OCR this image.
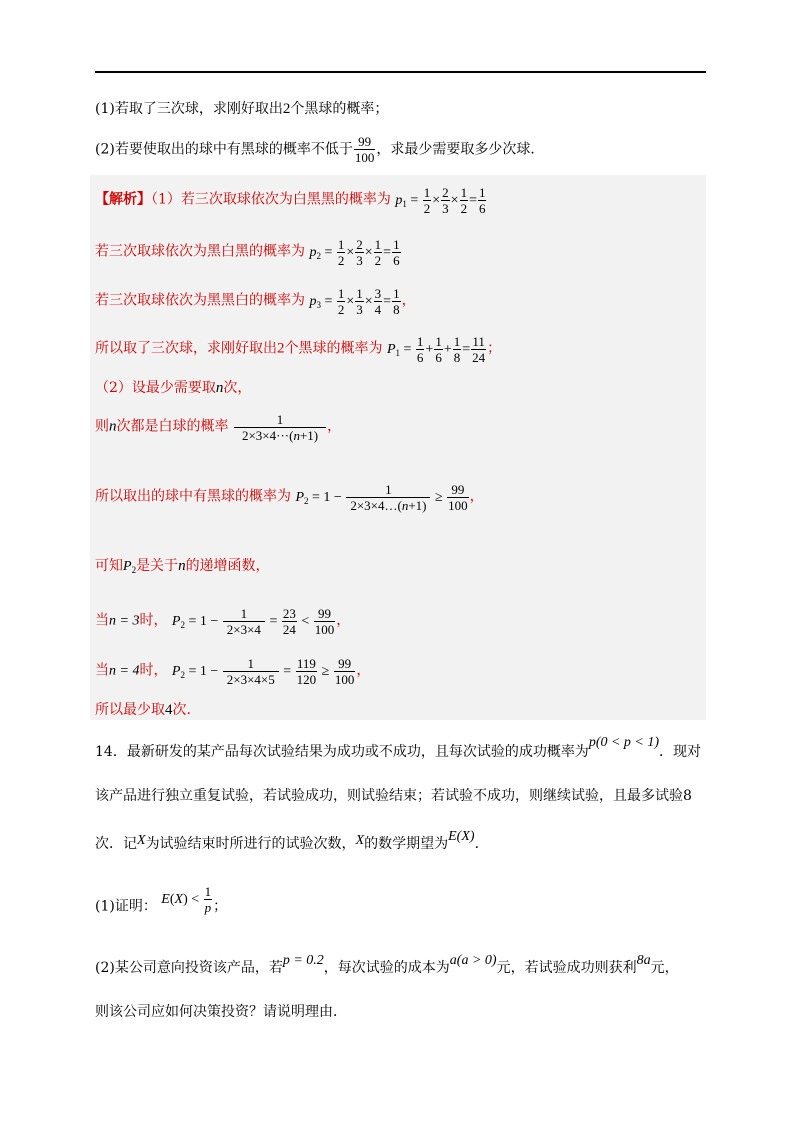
(1)若取了三次球，求刚好取出2个黑球的概率；
(2)若要使取出的球中有黑球的概率不低于 $\frac{99}{100}$ ，求最少需要取多少次球．
【解析】（1）若三次取球依次为白黑黑的概率为 $p_1 = \frac{1}{2} \times \frac{2}{3} \times \frac{1}{2} = \frac{1}{6}$
若三次取球依次为黑白黑的概率为 $p_2 = \frac{1}{2} \times \frac{2}{3} \times \frac{1}{2} = \frac{1}{6}$
若三次取球依次为黑黑白的概率为 $p_3 = \frac{1}{2} \times \frac{1}{3} \times \frac{3}{4} = \frac{1}{8}$ ，
所以取了三次球，求刚好取出2个黑球的概率为 $P_1 = \frac{1}{6} + \frac{1}{6} + \frac{1}{8} = \frac{11}{24}$ ；
（2）设最少需要取n次，
则n次都是白球的概率 $\frac{1}{2\times 3\times 4\cdot\cdot\cdot(n+1)}$ ，
所以取出的球中有黑球的概率为 $P_2 = 1 - \frac{1}{2\times 3\times 4\dots(n+1)} \ge \frac{99}{100}$ ，
可知$P_2$是关于n的递增函数，
当n = 3时， $P_2 = 1 - \frac{1}{2\times 3\times 4} = \frac{23}{24} < \frac{99}{100}$ ，
当n = 4时， $P_2 = 1 - \frac{1}{2\times 3\times 4\times 5} = \frac{119}{120} \ge \frac{99}{100}$ ，
所以最少取4次.
14．最新研发的某产品每次试验结果为成功或不成功，且每次试验的成功概率为p(0 < p < 1)．现对
该产品进行独立重复试验，若试验成功，则试验结束；若试验不成功，则继续试验，且最多试验8
次．记X为试验结束时所进行的试验次数，X的数学期望为E(X)．
(1)证明： $E(X) < \frac{1}{p}$ ；
(2)某公司意向投资该产品，若p = 0.2，每次试验的成本为a(a > 0)元，若试验成功则获利8a元，
则该公司应如何决策投资？请说明理由．
